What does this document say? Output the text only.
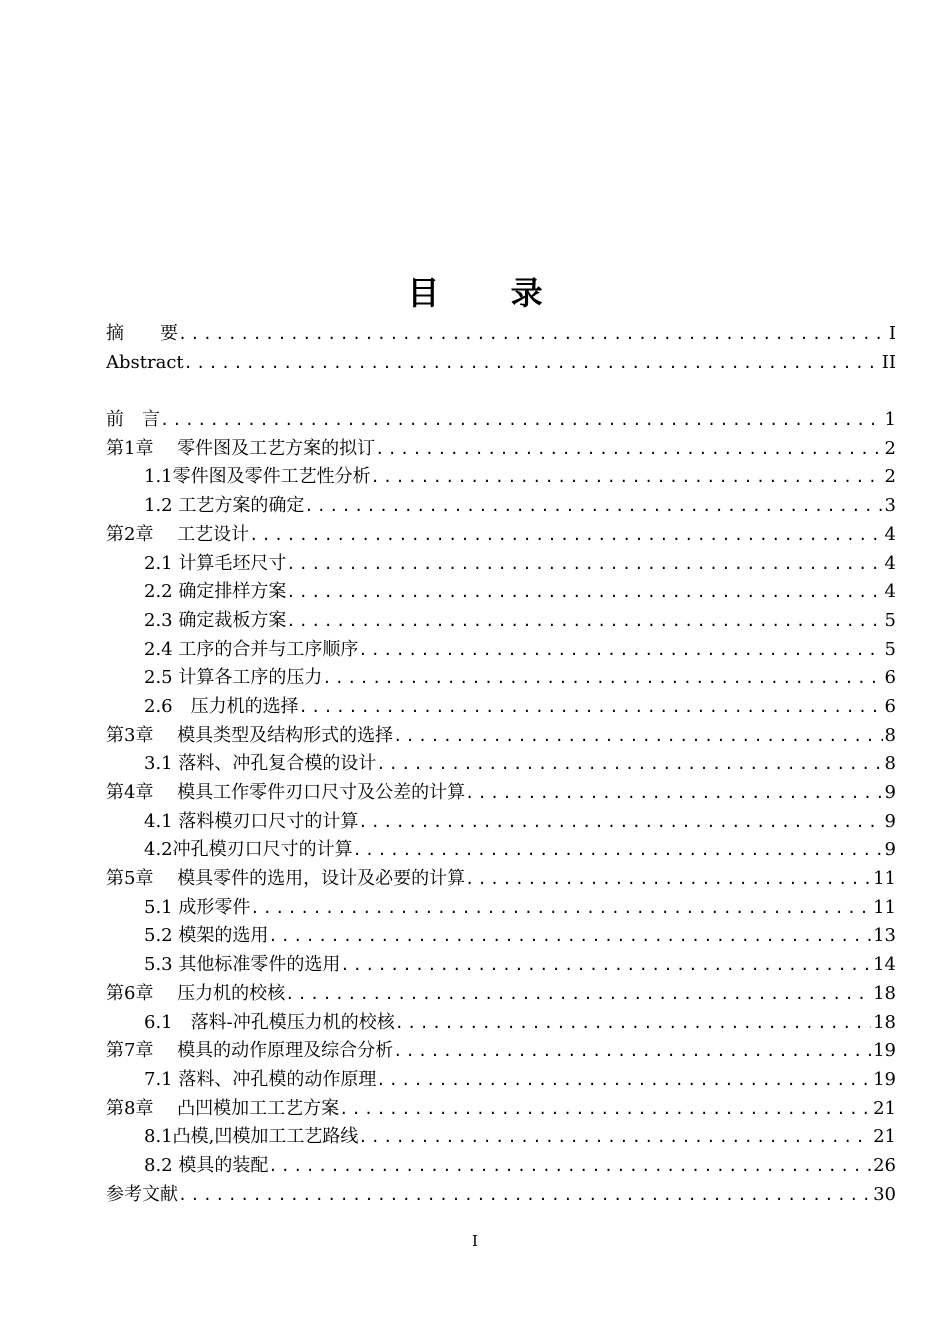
目 录
摘　　要 .....	I
Abstract .....	II
前　言 .....	1
第1章　 零件图及工艺方案的拟订 .....	2
1.1零件图及零件工艺性分析 .....	2
1.2 工艺方案的确定 .....	3
第2章　 工艺设计 .....	4
2.1 计算毛坯尺寸 .....	4
2.2 确定排样方案 .....	4
2.3 确定裁板方案 .....	5
2.4 工序的合并与工序顺序 .....	5
2.5 计算各工序的压力 .....	6
2.6　压力机的选择 .....	6
第3章　 模具类型及结构形式的选择 .....	8
3.1 落料、冲孔复合模的设计 .....	8
第4章　 模具工作零件刃口尺寸及公差的计算 .....	9
4.1 落料模刃口尺寸的计算 .....	9
4.2冲孔模刃口尺寸的计算 .....	9
第5章　 模具零件的选用，设计及必要的计算 .....	11
5.1 成形零件 .....	11
5.2 模架的选用 .....	13
5.3 其他标准零件的选用 .....	14
第6章　 压力机的校核 .....	18
6.1　落料-冲孔模压力机的校核 .....	18
第7章　 模具的动作原理及综合分析 .....	19
7.1 落料、冲孔模的动作原理 .....	19
第8章　 凸凹模加工工艺方案 .....	21
8.1凸模,凹模加工工艺路线 .....	21
8.2 模具的装配 .....	26
参考文献 .....	30
I
